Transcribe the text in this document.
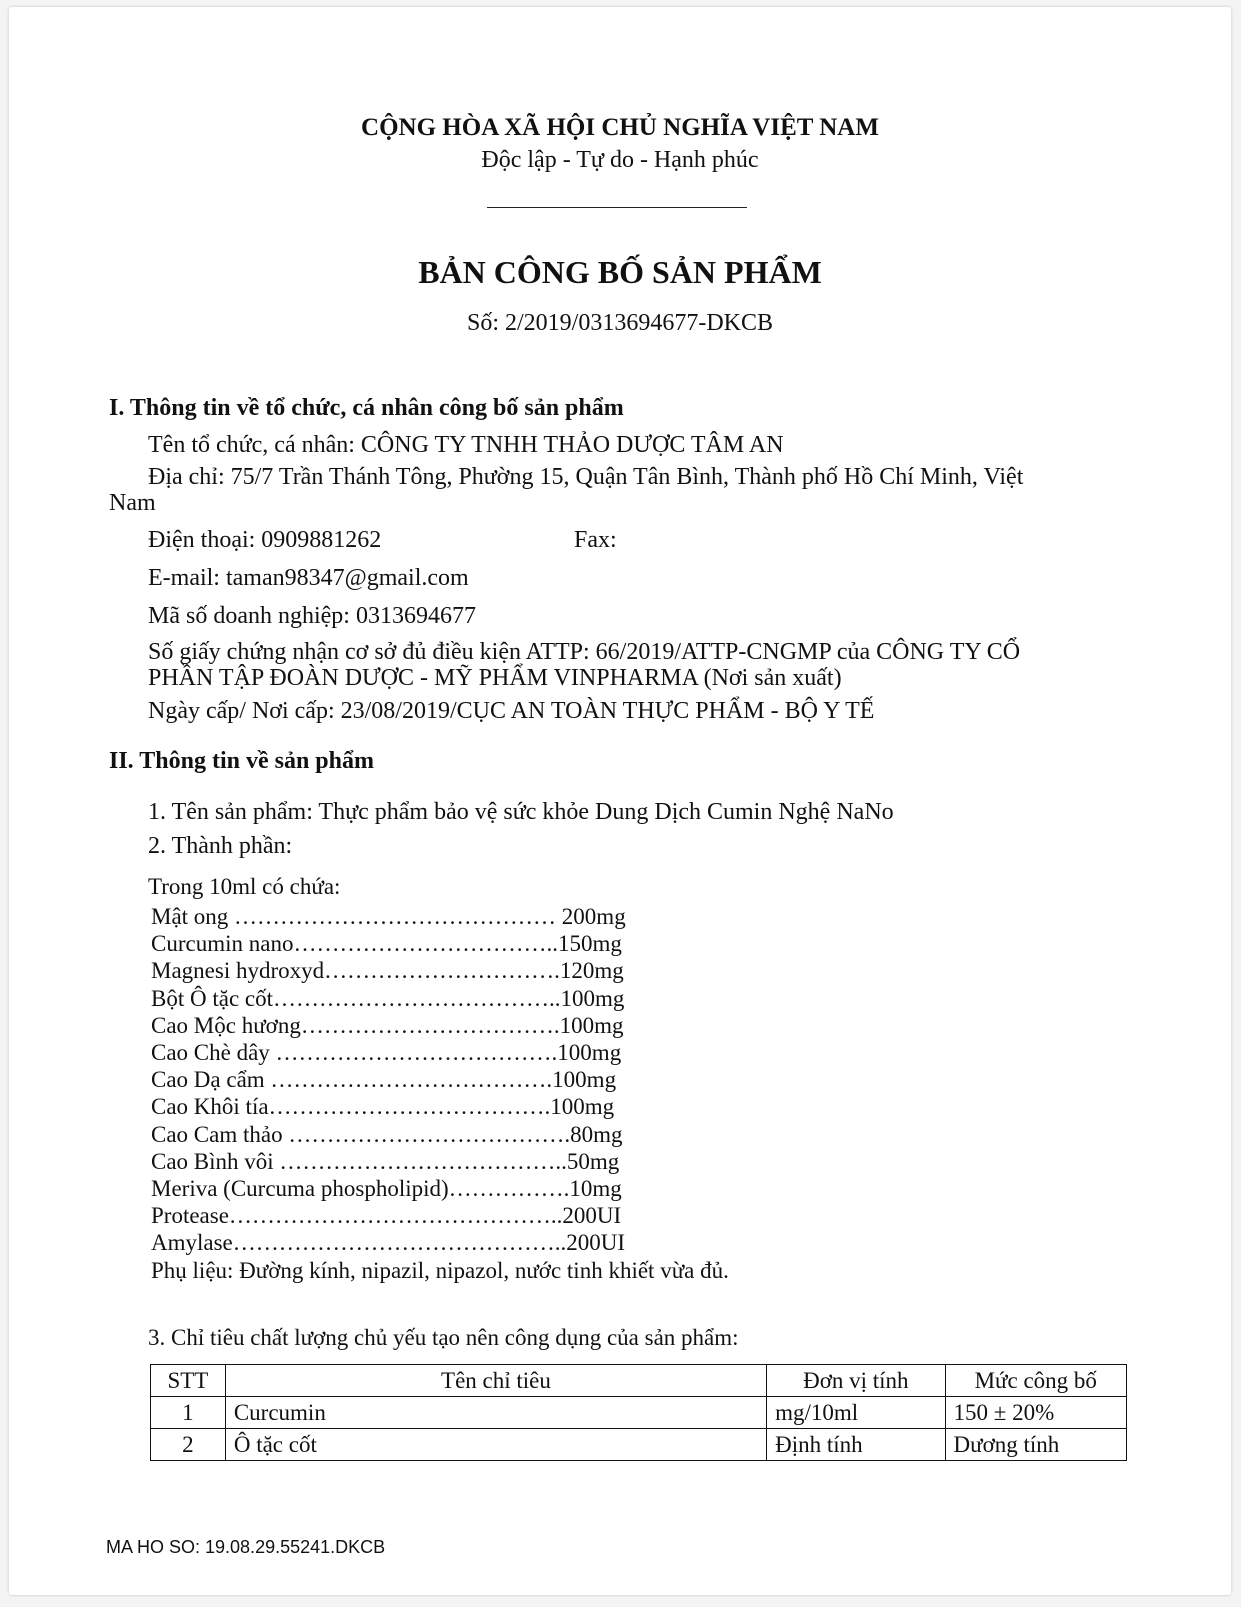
CỘNG HÒA XÃ HỘI CHỦ NGHĨA VIỆT NAM
Độc lập - Tự do - Hạnh phúc
BẢN CÔNG BỐ SẢN PHẨM
Số: 2/2019/0313694677-DKCB
I. Thông tin về tổ chức, cá nhân công bố sản phẩm
Tên tổ chức, cá nhân: CÔNG TY TNHH THẢO DƯỢC TÂM AN
Địa chỉ: 75/7 Trần Thánh Tông, Phường 15, Quận Tân Bình, Thành phố Hồ Chí Minh, Việt
Nam
Điện thoại: 0909881262	Fax:
E-mail: taman98347@gmail.com
Mã số doanh nghiệp: 0313694677
Số giấy chứng nhận cơ sở đủ điều kiện ATTP: 66/2019/ATTP-CNGMP của CÔNG TY CỔ
PHẦN TẬP ĐOÀN DƯỢC - MỸ PHẨM VINPHARMA (Nơi sản xuất)
Ngày cấp/ Nơi cấp: 23/08/2019/CỤC AN TOÀN THỰC PHẨM - BỘ Y TẾ
II. Thông tin về sản phẩm
1. Tên sản phẩm: Thực phẩm bảo vệ sức khỏe Dung Dịch Cumin Nghệ NaNo
2. Thành phần:
Trong 10ml có chứa:
Mật ong …………………………………… 200mg
Curcumin nano……………………………..150mg
Magnesi hydroxyd………………………….120mg
Bột Ô tặc cốt………………………………..100mg
Cao Mộc hương…………………………….100mg
Cao Chè dây ……………………………….100mg
Cao Dạ cẩm ……………………………….100mg
Cao Khôi tía……………………………….100mg
Cao Cam thảo ……………………………….80mg
Cao Bình vôi ………………………………..50mg
Meriva (Curcuma phospholipid)…………….10mg
Protease……………………………………..200UI
Amylase……………………………………..200UI
Phụ liệu: Đường kính, nipazil, nipazol, nước tinh khiết vừa đủ.
3. Chỉ tiêu chất lượng chủ yếu tạo nên công dụng của sản phẩm:
STT	Tên chỉ tiêu	Đơn vị tính	Mức công bố
1	Curcumin	mg/10ml	150 ± 20%
2	Ô tặc cốt	Định tính	Dương tính
MA HO SO: 19.08.29.55241.DKCB
